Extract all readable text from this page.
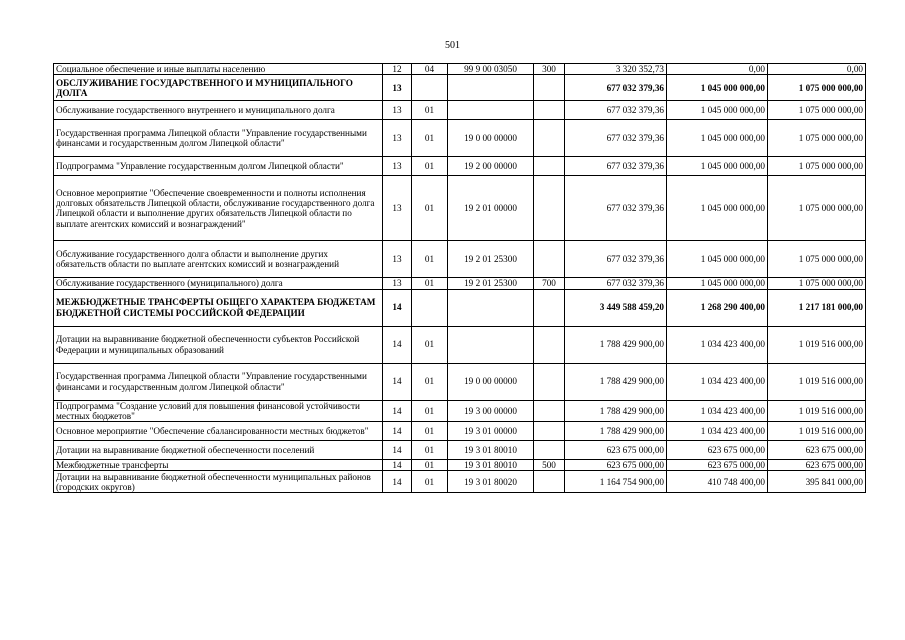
501
Социальное обеспечение и иные выплаты населению	12	04	99 9 00 03050	300	3 320 352,73	0,00	0,00
ОБСЛУЖИВАНИЕ ГОСУДАРСТВЕННОГО И МУНИЦИПАЛЬНОГО ДОЛГА	13				677 032 379,36	1 045 000 000,00	1 075 000 000,00
Обслуживание государственного внутреннего и муниципального долга	13	01			677 032 379,36	1 045 000 000,00	1 075 000 000,00
Государственная программа Липецкой области "Управление государственными финансами и государственным долгом Липецкой области"	13	01	19 0 00 00000		677 032 379,36	1 045 000 000,00	1 075 000 000,00
Подпрограмма "Управление государственным долгом Липецкой области"	13	01	19 2 00 00000		677 032 379,36	1 045 000 000,00	1 075 000 000,00
Основное мероприятие "Обеспечение своевременности и полноты исполнения долговых обязательств Липецкой области, обслуживание государственного долга Липецкой области и выполнение других обязательств Липецкой области по выплате агентских комиссий и вознаграждений"	13	01	19 2 01 00000		677 032 379,36	1 045 000 000,00	1 075 000 000,00
Обслуживание государственного долга области и выполнение других обязательств области по выплате агентских комиссий и вознаграждений	13	01	19 2 01 25300		677 032 379,36	1 045 000 000,00	1 075 000 000,00
Обслуживание государственного (муниципального) долга	13	01	19 2 01 25300	700	677 032 379,36	1 045 000 000,00	1 075 000 000,00
МЕЖБЮДЖЕТНЫЕ ТРАНСФЕРТЫ ОБЩЕГО ХАРАКТЕРА БЮДЖЕТАМ БЮДЖЕТНОЙ СИСТЕМЫ РОССИЙСКОЙ ФЕДЕРАЦИИ	14				3 449 588 459,20	1 268 290 400,00	1 217 181 000,00
Дотации на выравнивание бюджетной обеспеченности субъектов Российской Федерации и муниципальных образований	14	01			1 788 429 900,00	1 034 423 400,00	1 019 516 000,00
Государственная программа Липецкой области "Управление государственными финансами и государственным долгом Липецкой области"	14	01	19 0 00 00000		1 788 429 900,00	1 034 423 400,00	1 019 516 000,00
Подпрограмма "Создание условий для повышения финансовой устойчивости местных бюджетов"	14	01	19 3 00 00000		1 788 429 900,00	1 034 423 400,00	1 019 516 000,00
Основное мероприятие "Обеспечение сбалансированности местных бюджетов"	14	01	19 3 01 00000		1 788 429 900,00	1 034 423 400,00	1 019 516 000,00
Дотации на выравнивание бюджетной обеспеченности поселений	14	01	19 3 01 80010		623 675 000,00	623 675 000,00	623 675 000,00
Межбюджетные трансферты	14	01	19 3 01 80010	500	623 675 000,00	623 675 000,00	623 675 000,00
Дотации на выравнивание бюджетной обеспеченности муниципальных районов (городских округов)	14	01	19 3 01 80020		1 164 754 900,00	410 748 400,00	395 841 000,00
